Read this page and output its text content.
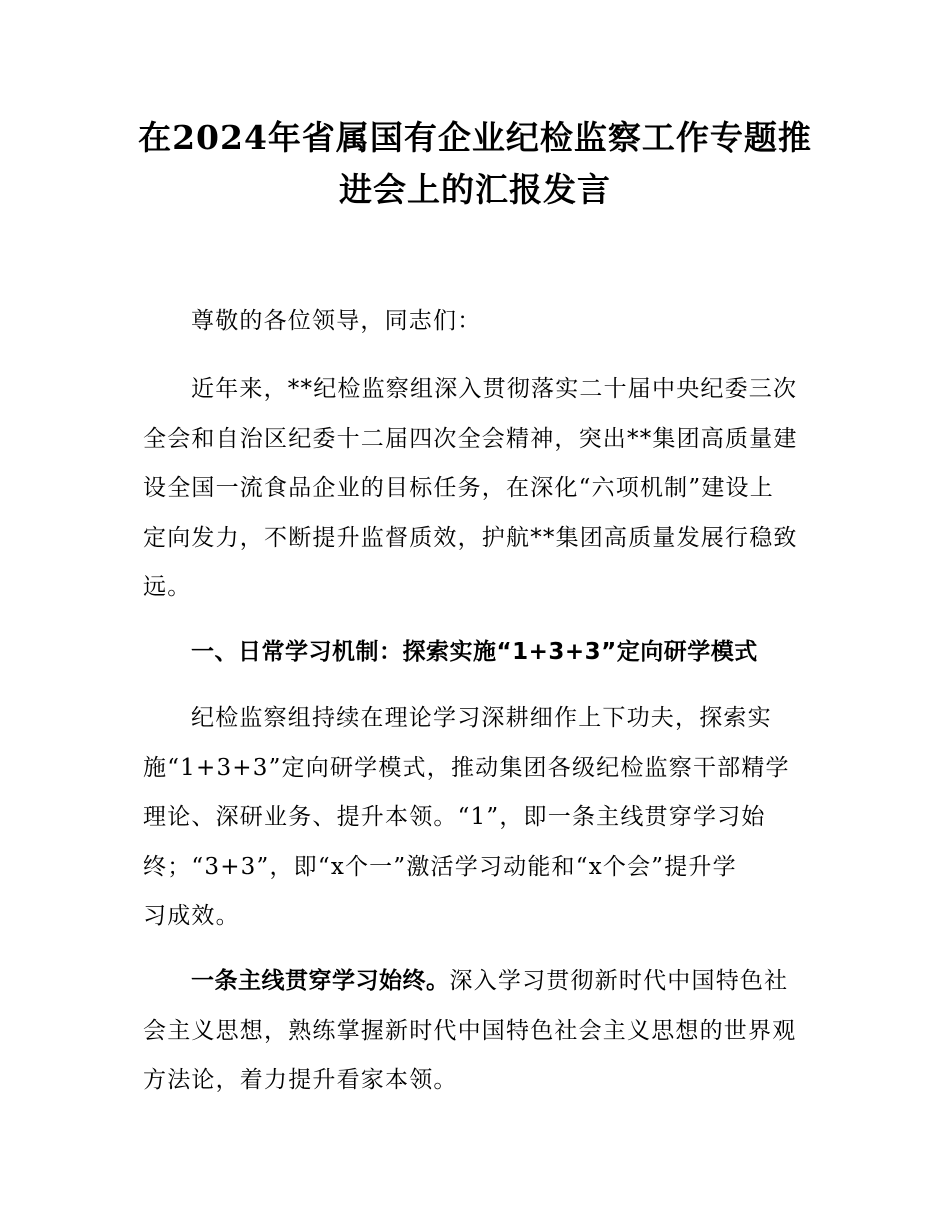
在2024年省属国有企业纪检监察工作专题推
进会上的汇报发言
尊敬的各位领导，同志们：
近年来，**纪检监察组深入贯彻落实二十届中央纪委三次
全会和自治区纪委十二届四次全会精神，突出**集团高质量建
设全国一流食品企业的目标任务，在深化“六项机制”建设上
定向发力，不断提升监督质效，护航**集团高质量发展行稳致
远。
一、日常学习机制：探索实施“1+3+3”定向研学模式
纪检监察组持续在理论学习深耕细作上下功夫，探索实
施“1+3+3”定向研学模式，推动集团各级纪检监察干部精学
理论、深研业务、提升本领。“1”，即一条主线贯穿学习始
终；“3+3”，即“x个一”激活学习动能和“x个会”提升学
习成效。
一条主线贯穿学习始终。深入学习贯彻新时代中国特色社
会主义思想，熟练掌握新时代中国特色社会主义思想的世界观
方法论，着力提升看家本领。
